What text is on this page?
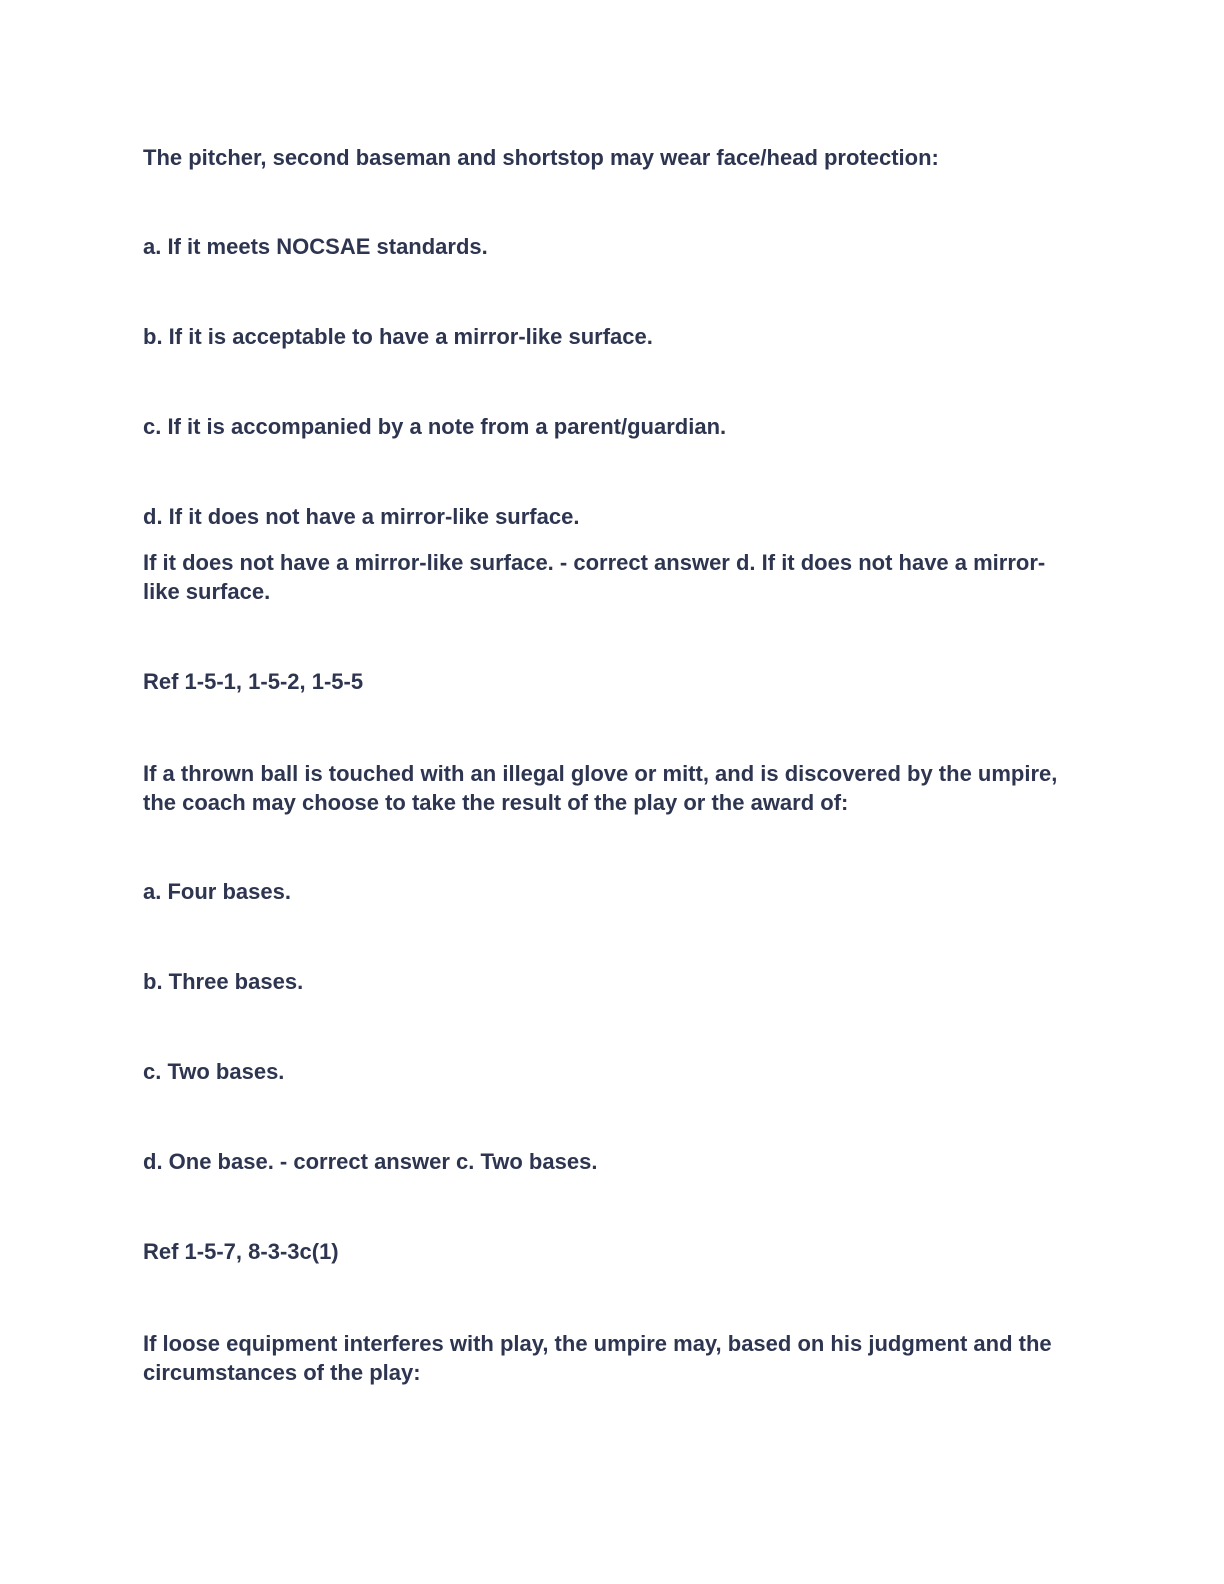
The pitcher, second baseman and shortstop may wear face/head protection:

a. If it meets NOCSAE standards.

b. If it is acceptable to have a mirror-like surface.

c. If it is accompanied by a note from a parent/guardian.

d. If it does not have a mirror-like surface.

If it does not have a mirror-like surface. - correct answer d. If it does not have a mirror-like surface.

Ref 1-5-1, 1-5-2, 1-5-5

If a thrown ball is touched with an illegal glove or mitt, and is discovered by the umpire, the coach may choose to take the result of the play or the award of:

a. Four bases.

b. Three bases.

c. Two bases.

d. One base. - correct answer c. Two bases.

Ref 1-5-7, 8-3-3c(1)

If loose equipment interferes with play, the umpire may, based on his judgment and the circumstances of the play:
